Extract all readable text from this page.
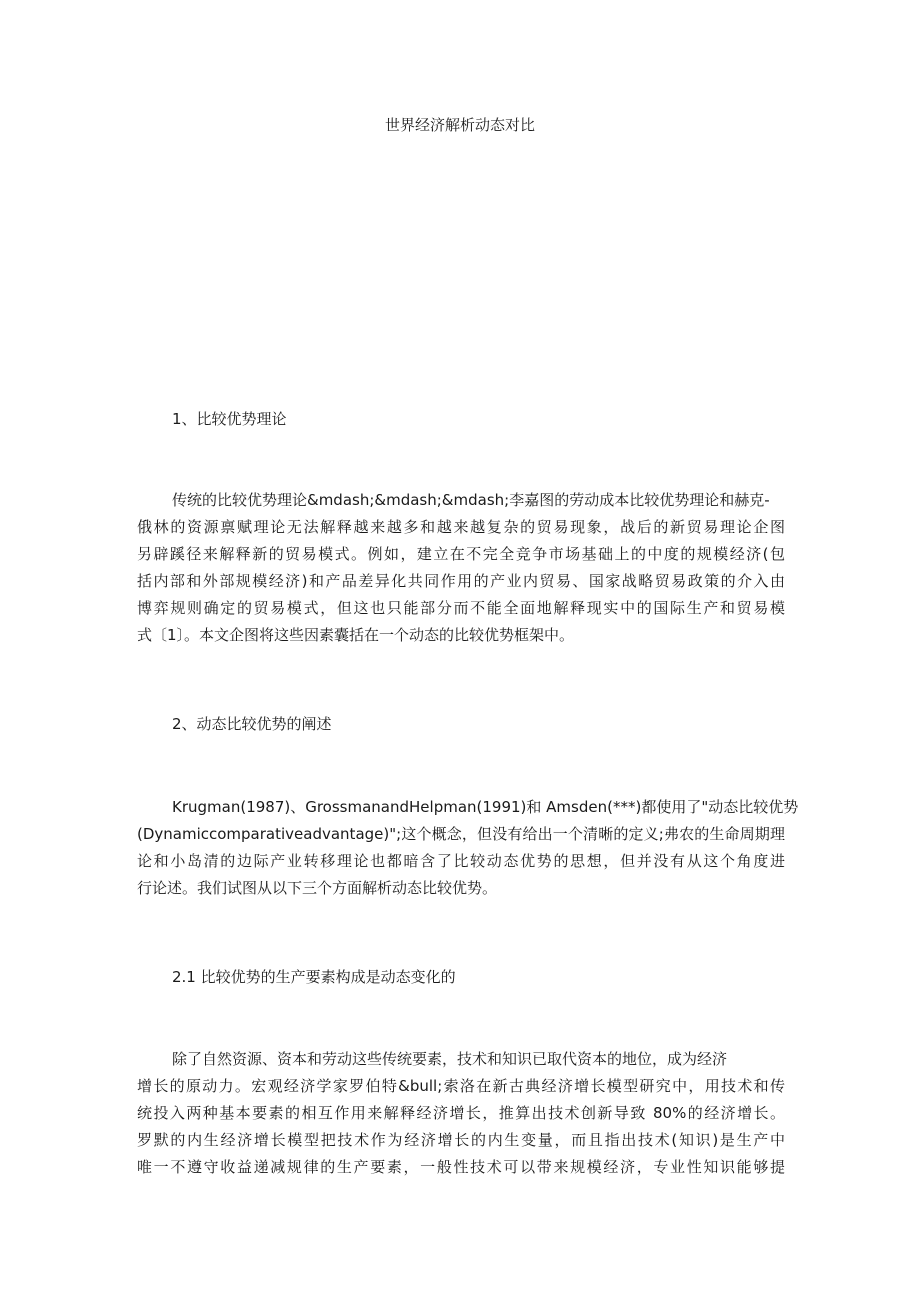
世界经济解析动态对比
1、比较优势理论
传统的比较优势理论&mdash;&mdash;&mdash;李嘉图的劳动成本比较优势理论和赫克-
俄林的资源禀赋理论无法解释越来越多和越来越复杂的贸易现象，战后的新贸易理论企图
另辟蹊径来解释新的贸易模式。例如，建立在不完全竞争市场基础上的中度的规模经济(包
括内部和外部规模经济)和产品差异化共同作用的产业内贸易、国家战略贸易政策的介入由
博弈规则确定的贸易模式，但这也只能部分而不能全面地解释现实中的国际生产和贸易模
式〔1〕。本文企图将这些因素囊括在一个动态的比较优势框架中。
2、动态比较优势的阐述
Krugman(1987)、GrossmanandHelpman(1991)和 Amsden(***)都使用了"动态比较优势
(Dynamiccomparativeadvantage)";这个概念，但没有给出一个清晰的定义;弗农的生命周期理
论和小岛清的边际产业转移理论也都暗含了比较动态优势的思想，但并没有从这个角度进
行论述。我们试图从以下三个方面解析动态比较优势。
2.1 比较优势的生产要素构成是动态变化的
除了自然资源、资本和劳动这些传统要素，技术和知识已取代资本的地位，成为经济
增长的原动力。宏观经济学家罗伯特&bull;索洛在新古典经济增长模型研究中，用技术和传
统投入两种基本要素的相互作用来解释经济增长，推算出技术创新导致 80%的经济增长。
罗默的内生经济增长模型把技术作为经济增长的内生变量，而且指出技术(知识)是生产中
唯一不遵守收益递减规律的生产要素，一般性技术可以带来规模经济，专业性知识能够提
